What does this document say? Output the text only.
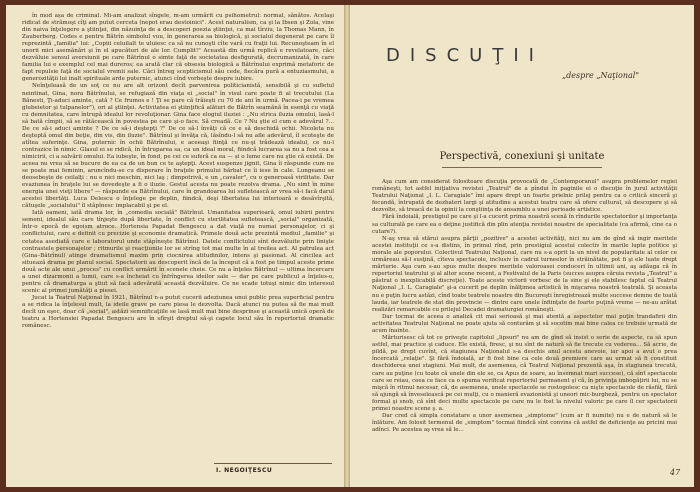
în mod așa de criminal. Mi-am analizat sîngele, m-am urmărit cu psihometrul: normal, sănătos. Acelaşi ridicat de strămoşi cîţi am putut cerceta (nepot erau destoinici". Acest naturalism, ca şi la Ibsen şi Zola, vine din naiva înţelegere a ştiinţei, din năzuinţa de a descoperi poezia ştiinţei, ca mai tîrziu, la Thomas Mann, în Zauberberg. Codes e pentru Bătrîn simbolul vuu, în generarea sa biologică, şi socialul degenerat pe care îl reprezintă „familia" lui: „Copiii celuilalt te uluiesc ca să nu cunoşti cîte vară cu fraţii lui. Recunoşteam în el unorii mici asemănări şi în el apucături de ale lor. Cumplit!" Această din urmă replică e revelatoare, căci dezvăluie sensul aversiunii pe care Bătrînul o simte faţă de societatea desfigurată, decrumanizată, în care familia lui e exemplul cel mai dureros; ea arată clar că obsesia biologică a Bătrînului exprimă metaforic de fapt repulsie faţă de socialul vremii sale. Căci întreg scepticismul său cede, fiecăra pură a entuziasmului, a generozităţii lui inalt spirituale arde puternic, atunci cînd vorbeşte despre iubire.

Neînţeleasă de un soţ ce nu are alt orizont decît parvenirea politicianistă, sensibilă şi cu sufletul neintinat, Gina, nora Bătrînului, se refugiază din viaţa ei „social" în visul care poate fi al trecutului (La Bănesti, Ţi-aduci aminte, cată ? Ce frumos e ! Ţi se pare că trăieşti cu 70 de ani în urmă. Pacea-i pe vremea glubeietor şi tulpanelor"), ori al ştiinţei. Activitatea ei ştiinţifică alături de Bătrîn seamănă în esenţă cu viaţă cu demnitatea, care întrupă idealul lor revoluţionar. Gina face elogiul iluziei : „Nu strica iluzia omului, lasă-l să bată cîmpii, să se rătăcească în povestea pe care şi-o face. Să creadă. Ce ? Nu ştie el cum e adevărul ?... De ce să-i aduci aminte ? De ce să-i deştepţi ?" De ce să-l învăţi că ce e să deschidă ochii. Nicoleta nu deşteptă omul din beţie, din vis, din iluzie". Bătrînul şi învăţa că, lăsîndu-l să nu afle adevărul, îl scuteşte de atîtea suferinţe. Gina, puternic în ochii Bătrînului, e aceeaşi fiinţă ce nu-şi trădează idealul, ce nu-l contrazice în nimic. Glasul ei se ridică, în întruparea sa, ca un ideal moral, fiindcă lucrarea sa nu a fost cea a nimicirii, ci a salvării omului. Ea iubeşte, în fond, pe cei ce suferă ca ea — și o lume care nu ştie că există. De aceea nu vrea să se bucure de ea ca de un bun ce te aştepţi. Acest suspenze jignit, Gina îi răspunde cum nu se poate mai feminin, aruncîndu-se cu disperare în braţele primului bărbat ce îi iese în cale. Lungeanu se deosebeşte de ceilalţi : nu e nici meschin, nici laş ; dimpotrivă, e un „cavaler", cu o generoasă virilitate. Dar evaziunea în braţele lui se dovedeşte a fi o iluzie. Gestul acesta nu poate rezolva drama. „Nu simt în mine energia unei vieţi libere" — răspunde ea Bătrînului, care în grandoarea lui sufletească ar vrea să-i facă darul acestei libertăţi. Luca Delescu o înţelege pe deplin, fiindcă, deşi libertatea lui interioară e desăvîrşită, cătuşele „socialului" îl stăpînesc implacabil şi pe el.

Iată oameni, iată drama lor, în „comedia socială" Bătrînul. Umanitatea superioară, omul iubirii pentru semeni, idealul său care tînjeşte după libertate, în conflict cu sterilitatea sufletească, „social" organizată, într-o epocă de egoism atroce. Hortensia Papadat Bengescu a dat viaţă nu numai personajelor, ci şi conflictului, care e definit cu precizie şi economie dramatică. Primele două acte prezintă mediul „familie" şi cetatea asediată care e laboratorul unde stăpîneşte Bătrînul. Datele conflictului sînt dezvăluite prin linişte contrastele personajelor ; ritmurile şi reacţiunile lor se strîng tot mai multe în al treilea act. Al patrulea act (Gina–Bătrînul) atinge dramatismul maxim prin ciocnirea atitudinilor, intens şi pasionat. Al cincilea act situează drama pe planul social. Spectatorii au descoperit încă de la început că a fost pe timpul aceste prime două acte ale unui „proces" cu conflict urmărit în scenele cheie. Ce nu a înţeles Bătrînul — ultima încercare a unei dizarmonii a lumii, care s-a încheiat cu înfrîngerea ideilor sale — dar pe care publicul a înţeles-o, pentru că dramaturga a ştiut să facă adevărată această dezvăluire. Ce ne scade totuşi nimic din interesul scenic al primei jumătăţi a piesei.

Jucat la Teatrul Naţional în 1921, Bătrînul n-a putut cucerii adeziunea unui public prea superficial pentru a se ridica la înţelesul mult, la ideile grave pe care piesa le dezvolta. Dacă atunci nu putea să fie mai mult decît un eşec, doar că „social", astăzi semnificaţiile se lasă mult mai bine desprinse şi această unică operă de teatru a Hortensiei Papadat Bengescu are în sfîrşit dreptul să-şi capete locul său în repertoriul dramatic românesc.

I. NEGOIŢESCU
DISCUŢII
„despre „Naţional"
Perspectivă, conexiuni şi unitate

Aşa cum am considerat folositoare discuţia provocată de „Contemporanul" asupra problemelor regiei româneşti, tot astfel iniţiativa revistei „Teatrul" de a pîndui în paginile ei o discuţie în jurul activităţii Teatrului Naţional „I. L. Caragiale" îmi apare drept un foarte prielnic prilej pentru ca o critică sinceră şi fecundă, întrupată de dezbateri largi şi atitudine a acestui teatru care să ofere cultural, să descopere şi să dezvolte, să treacă de la opinii la conştiinţa de ansamblu a unei perioade artistice.

Fără îndoială, prestigiul pe care şi l-a cucerit prima noastră scenă în rîndurile spectatorilor şi importanţa sa culturală pe care ea o deţine justifică din plin atenţia revistei noastre de specialitate (ca afirmă, cine ca o cutare?).

N-aş vrea să stărui asupra părţii „pozitive" a acestei activităţi, nici nu am de gînd să ingir meritele acestei instituţii ce s-a distins, în primul rînd, prin prestigiul acestui colectiv în marile lupte politice şi morale ale poporului. Colectivul Teatrului Naţional, care nu s-a oprit la un nivel de popularitate al celor ce urmăreau să-l susţină, cîteva spectacole, inclusiv în cadrul turneelor în străinătate, pot fi şi ele luate drept mărturie. Aşa cum s-au spus multe despre meritele valoroasei conduceri în ultimii ani, aş adăuga că în repertoriul teatrului şi al altor scene recent, a Festivalul de la Paris (succes asupra căruia revista „Teatrul" a păstrat o inexplicabilă discreţie). Toate aceste victorii vorbesc de la sine şi ele stabilesc faptul că Teatrul Naţional „I. L. Caragiale" şi-a cucerit pe deplin înălţimea artistică în mişcarea noastră teatrală. Şi aceasta nu e puţin lucru astăzi, cînd toate teatrele noastre din Bucureşti înregistrează multe succese demne de toată lauda, iar teatrele de stat din provincie — dintre care unele înfiinţate de foarte puţină vreme — ne-au arătat realizări remarcabile cu prilejul Decadei dramaturgiei româneşti.

Dar tocmai de aceea o analiză cit mai serioasă şi mai atentă a aspectelor mai puţin trandafirii din activitatea Teatrului Naţional ne poate ajuta să conturăm şi să socotim mai bine calea ce trebuie urmată de acum înainte.

Mărturisesc că tot ce priveşte capitolul „lipsuri" nu am de gînd să insist o serie de aspecte, ca să spun astfel, mai practice şi caduce. Ele există, firesc, şi nu sînt de natură să fie trecute cu vederea... Să acrie, de pildă, pe drept cuvînt, că stagiunea Naţionalul s-a deschis anul acesta anevoie, iar apoi a avut o prea încercată „relaţie". Şi fără îndoială, ar fi fost bine ca cele două premiere care au urmat să fi constituit deschiderea unei stagiuni. Mai mult, de asemenea, că Teatrul Naţional prezentă aşa, în stagiunea trecută, care au puţine (cu toate că unele din ele se, ca Apus de soare, au însemnat mari succese), că sînt spectacole care se reiau, ceea ce face ca o spuma verificat repertoriul permanent şi că, în privinţa imbogăţirii lui, nu se mişcă în ritmul necesar, că, de asemenea, unele spectacole se rostogolesc ca nişte spectacole de răsfăţ, fără să ajungă să înveselească pe cei mulţi, cu o manieră evazionistă şi uneori mic-burgheză, pentru un spectator formal şi snob, că sînt deci multe spectacole pe care nu le fost la nivelul valoric pe care îl cer spectatorii primei noastre scene ş. a.

Dar cred că simpla constatare a unor asemenea „simptome" (cum ar fi numite) nu e de natură să le înlăture. Am folosit termenul de „simptom" tocmai fiindcă sînt convins că astfel de deficienţe au pricini mai adînci. Pe acestea aş vrea să le...

47
